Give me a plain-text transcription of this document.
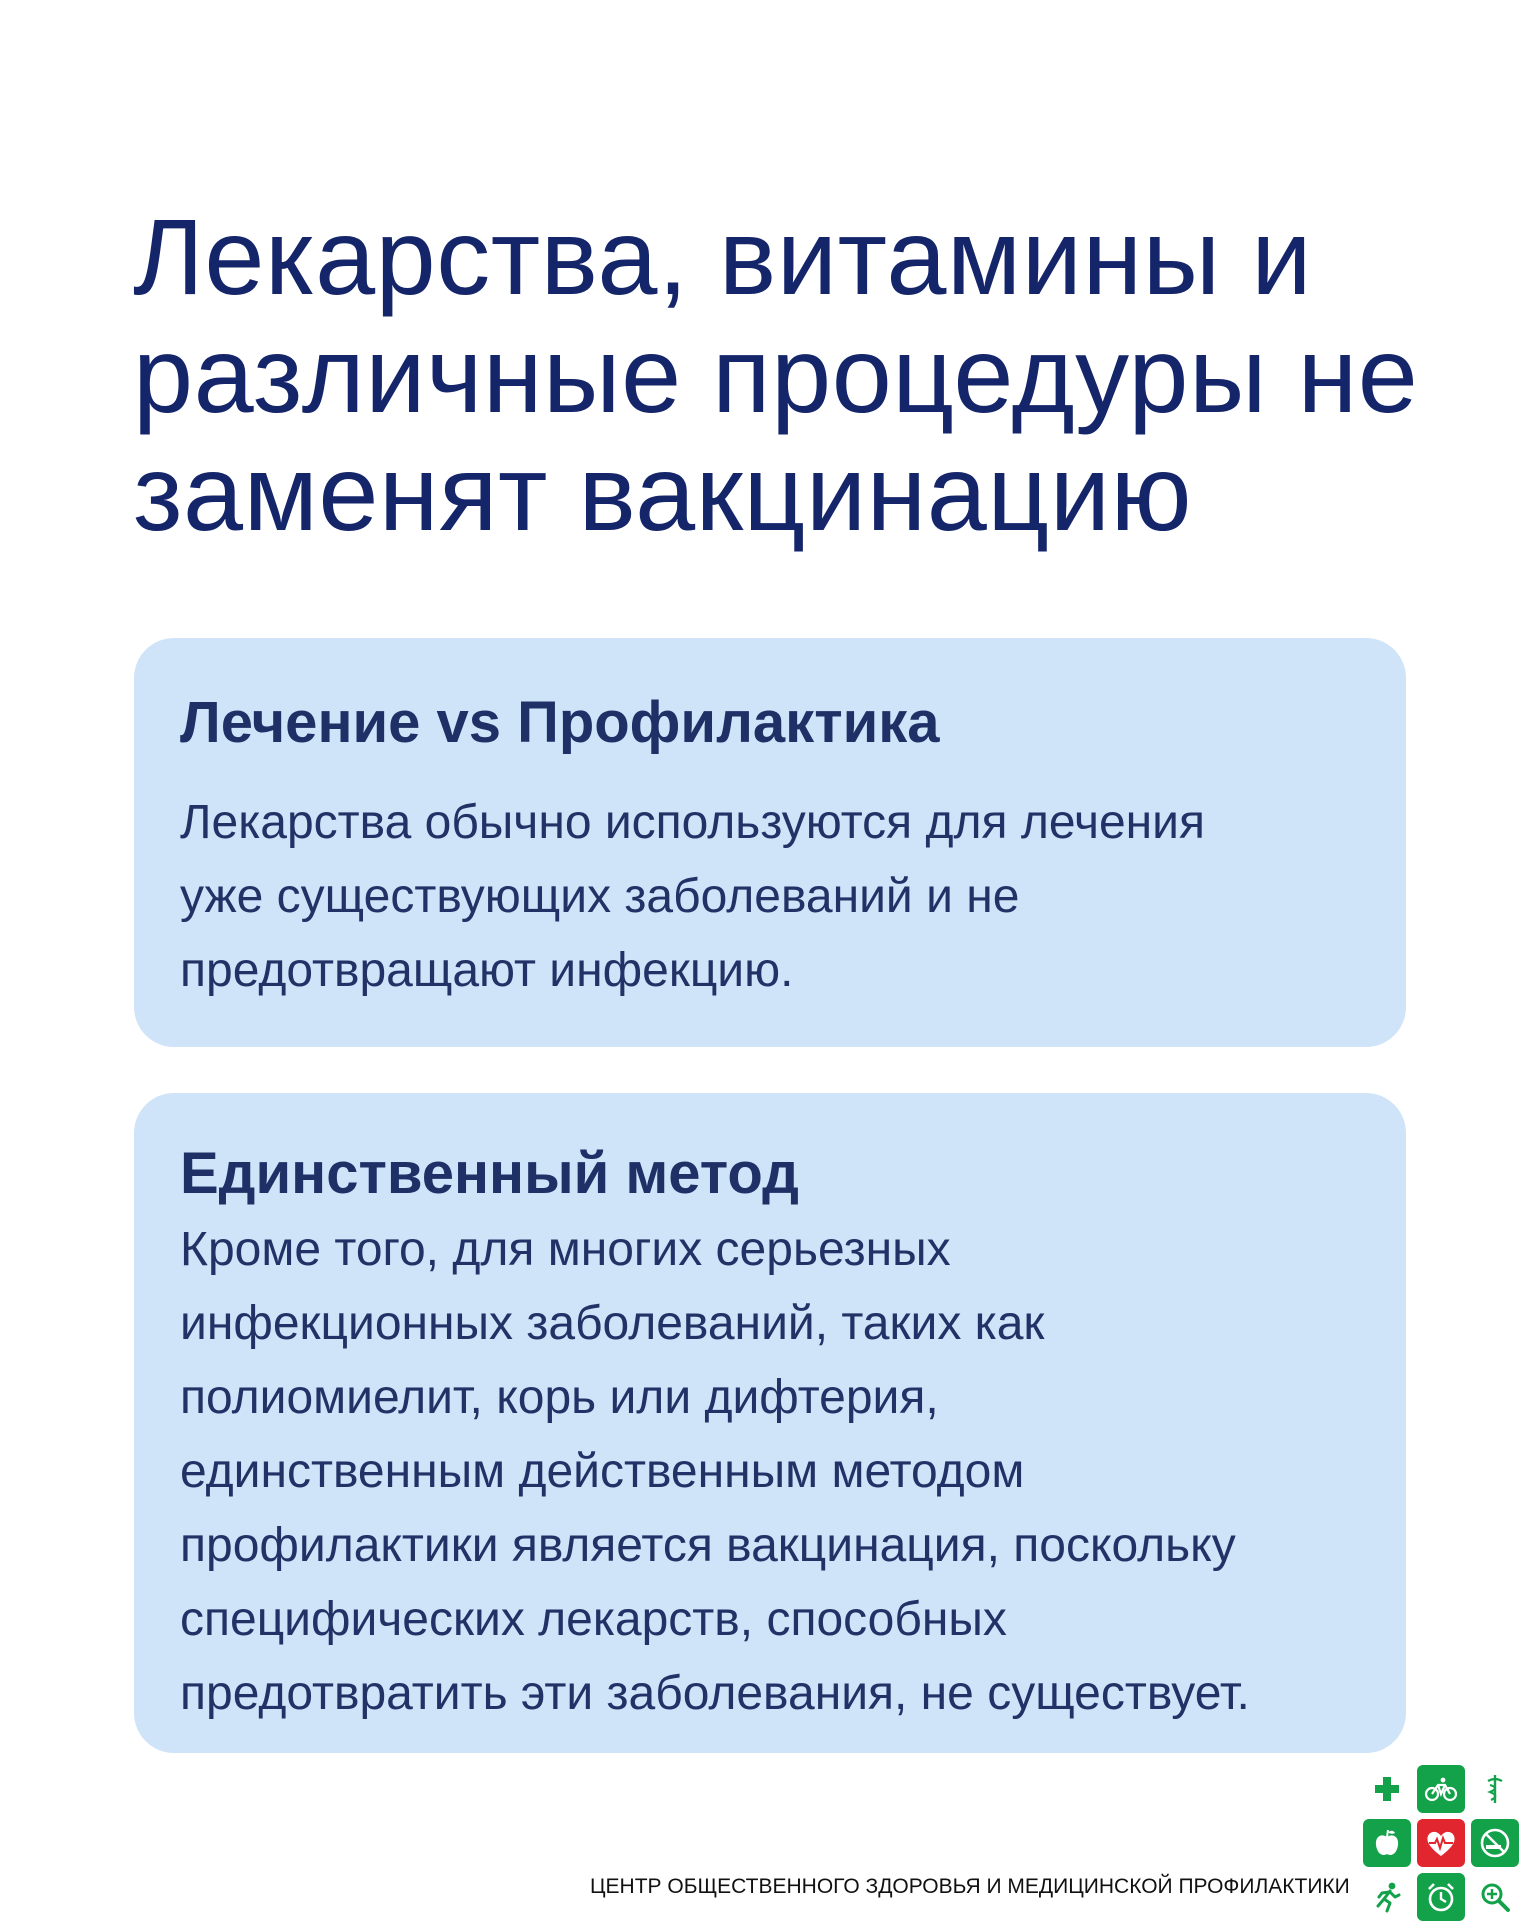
Лекарства, витамины и
различные процедуры не
заменят вакцинацию
Лечение vs Профилактика

Лекарства обычно используются для лечения
уже существующих заболеваний и не
предотвращают инфекцию.

Единственный метод

Кроме того, для многих серьезных
инфекционных заболеваний, таких как
полиомиелит, корь или дифтерия,
единственным действенным методом
профилактики является вакцинация, поскольку
специфических лекарств, способных
предотвратить эти заболевания, не существует.

ЦЕНТР ОБЩЕСТВЕННОГО ЗДОРОВЬЯ И МЕДИЦИНСКОЙ ПРОФИЛАКТИКИ
